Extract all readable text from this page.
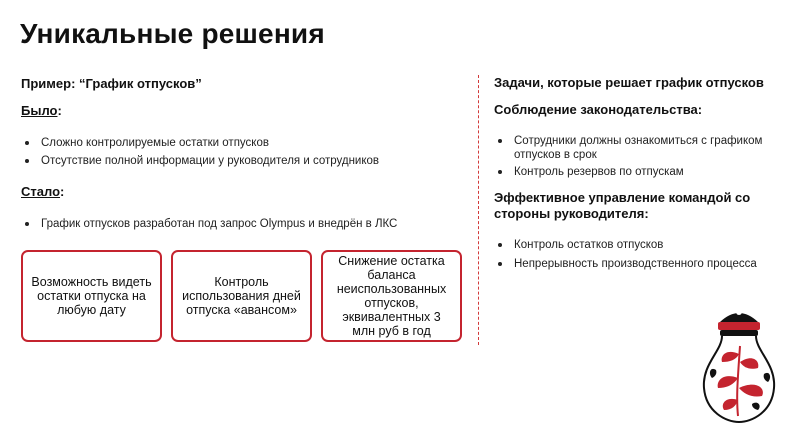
Уникальные решения
Пример: “График отпусков”
Было:
Сложно контролируемые остатки отпусков
Отсутствие полной информации у руководителя и сотрудников
Стало:
График отпусков разработан под запрос Olympus и внедрён в ЛКС
Возможность видеть остатки отпуска на любую дату
Контроль использования дней отпуска «авансом»
Снижение остатка баланса неиспользованных отпусков, эквивалентных 3 млн руб в год
Задачи, которые решает график отпусков
Соблюдение законодательства:
Сотрудники должны ознакомиться с графиком отпусков в срок
Контроль резервов по отпускам
Эффективное управление командой со стороны руководителя:
Контроль остатков отпусков
Непрерывность производственного процесса
